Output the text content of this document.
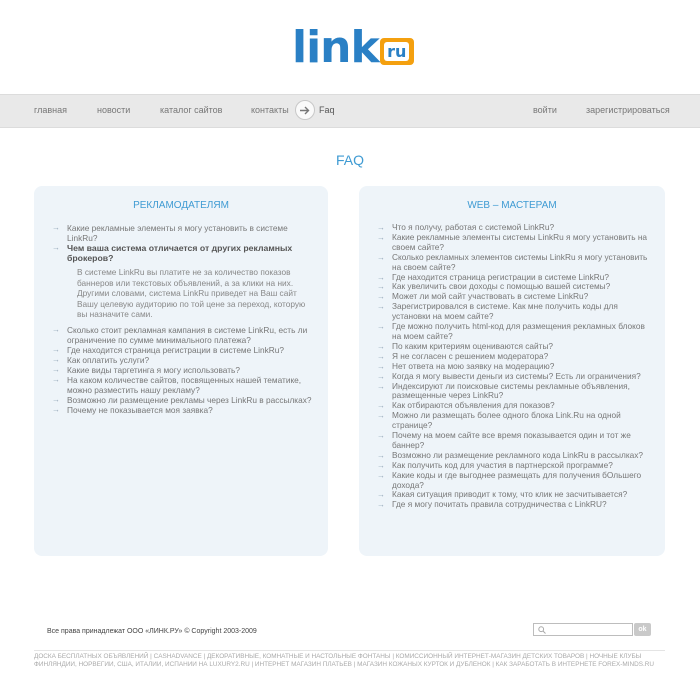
link ru
главная	новости	каталог сайтов	контакты	Faq	войти	зарегистрироваться
FAQ
РЕКЛАМОДАТЕЛЯМ
→ Какие рекламные элементы я могу установить в системе LinkRu?
→ Чем ваша система отличается от других рекламных брокеров?
В системе LinkRu вы платите не за количество показов баннеров или текстовых объявлений, а за клики на них. Другими словами, система LinkRu приведет на Ваш сайт Вашу целевую аудиторию по той цене за переход, которую вы назначите сами.
→ Сколько стоит рекламная кампания в системе LinkRu, есть ли ограничение по сумме минимального платежа?
→ Где находится страница регистрации в системе LinkRu?
→ Как оплатить услуги?
→ Какие виды таргетинга я могу использовать?
→ На каком количестве сайтов, посвященных нашей тематике, можно разместить нашу рекламу?
→ Возможно ли размещение рекламы через LinkRu в рассылках?
→ Почему не показывается моя заявка?
WEB – МАСТЕРАМ
→ Что я получу, работая с системой LinkRu?
→ Какие рекламные элементы системы LinkRu я могу установить на своем сайте?
→ Сколько рекламных элементов системы LinkRu я могу установить на своем сайте?
→ Где находится страница регистрации в системе LinkRu?
→ Как увеличить свои доходы с помощью вашей системы?
→ Может ли мой сайт участвовать в системе LinkRu?
→ Зарегистрировался в системе. Как мне получить коды для установки на моем сайте?
→ Где можно получить html-код для размещения рекламных блоков на моем сайте?
→ По каким критериям оцениваются сайты?
→ Я не согласен с решением модератора?
→ Нет ответа на мою заявку на модерацию?
→ Когда я могу вывести деньги из системы? Есть ли ограничения?
→ Индексируют ли поисковые системы рекламные объявления, размещенные через LinkRu?
→ Как отбираются объявления для показов?
→ Можно ли размещать более одного блока Link.Ru на одной странице?
→ Почему на моем сайте все время показывается один и тот же баннер?
→ Возможно ли размещение рекламного кода LinkRu в рассылках?
→ Как получить код для участия в партнерской программе?
→ Какие коды и где выгоднее размещать для получения бОльшего дохода?
→ Какая ситуация приводит к тому, что клик не засчитывается?
→ Где я могу почитать правила сотрудничества с LinkRU?
Все права принадлежат ООО «ЛИНК.РУ» © Copyright 2003-2009	ok
ДОСКА БЕСПЛАТНЫХ ОБЪЯВЛЕНИЙ | CASHADVANCE | ДЕКОРАТИВНЫЕ, КОМНАТНЫЕ И НАСТОЛЬНЫЕ ФОНТАНЫ | КОМИССИОННЫЙ ИНТЕРНЕТ-МАГАЗИН ДЕТСКИХ ТОВАРОВ | НОЧНЫЕ КЛУБЫ ФИНЛЯНДИИ, НОРВЕГИИ, США, ИТАЛИИ, ИСПАНИИ НА LUXURY2.RU | ИНТЕРНЕТ МАГАЗИН ПЛАТЬЕВ | МАГАЗИН КОЖАНЫХ КУРТОК И ДУБЛЕНОК | КАК ЗАРАБОТАТЬ В ИНТЕРНЕТЕ FOREX-MINDS.RU
